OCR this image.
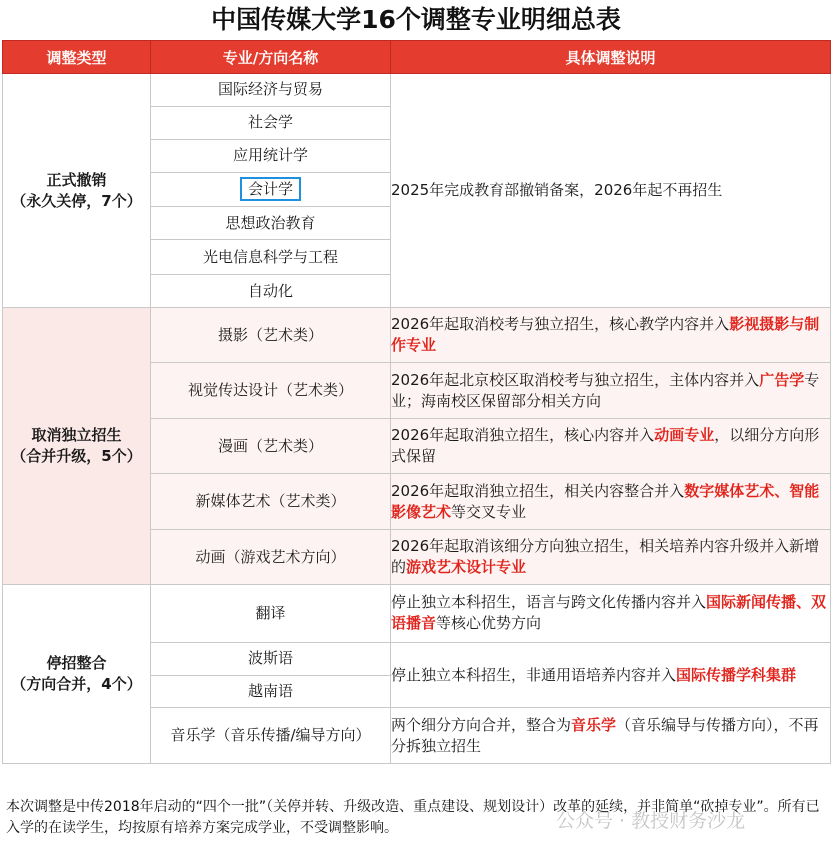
中国传媒大学16个调整专业明细总表
调整类型	专业/方向名称	具体调整说明

正式撤销
（永久关停，7个）	国际经济与贸易	2025年完成教育部撤销备案，2026年起不再招生
	社会学	
	应用统计学	
	会计学	
	思想政治教育	
	光电信息科学与工程	
	自动化	

取消独立招生
（合并升级，5个）	摄影（艺术类）	2026年起取消校考与独立招生，核心教学内容并入影视摄影与制作专业
	视觉传达设计（艺术类）	2026年起北京校区取消校考与独立招生，主体内容并入广告学专业；海南校区保留部分相关方向
	漫画（艺术类）	2026年起取消独立招生，核心内容并入动画专业，以细分方向形式保留
	新媒体艺术（艺术类）	2026年起取消独立招生，相关内容整合并入数字媒体艺术、智能影像艺术等交叉专业
	动画（游戏艺术方向）	2026年起取消该细分方向独立招生，相关培养内容升级并入新增的游戏艺术设计专业

停招整合
（方向合并，4个）	翻译	停止独立本科招生，语言与跨文化传播内容并入国际新闻传播、双语播音等核心优势方向
	波斯语	停止独立本科招生，非通用语培养内容并入国际传播学科集群
	越南语	
	音乐学（音乐传播/编导方向）	两个细分方向合并，整合为音乐学（音乐编导与传播方向），不再分拆独立招生
本次调整是中传2018年启动的“四个一批”（关停并转、升级改造、重点建设、规划设计）改革的延续，并非简单“砍掉专业”。所有已入学的在读学生，均按原有培养方案完成学业，不受调整影响。	公众号 · 教授财务沙龙
